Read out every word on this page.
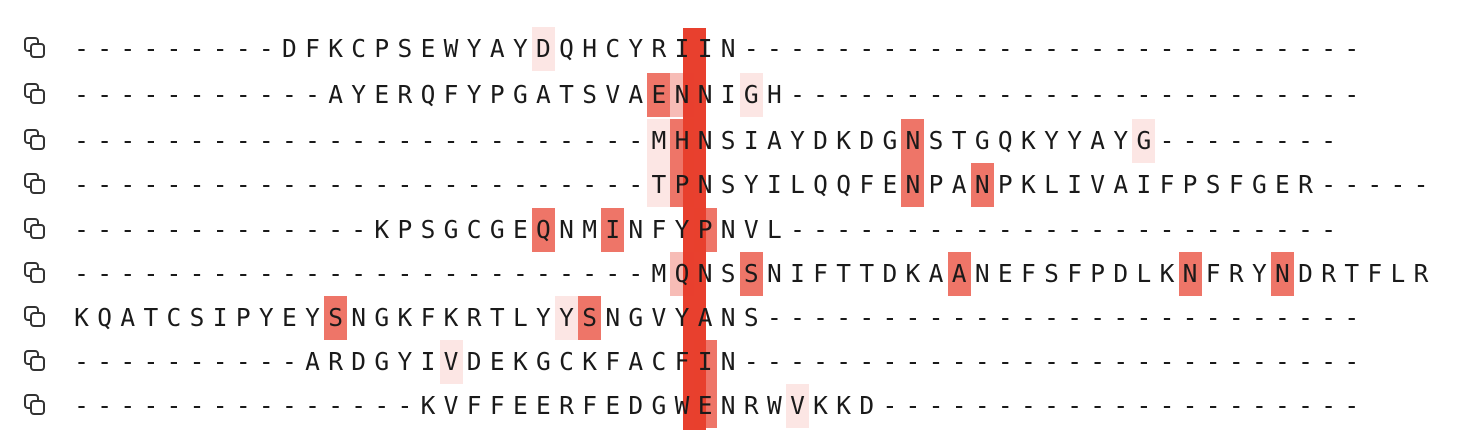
- - - - - - - - - D F K C P S E W Y A Y D Q H C Y R I I N - - - - - - - - - - - - - - - - - - - - - - - - - - -
- - - - - - - - - - - A Y E R Q F Y P G A T S V A E N N I G H - - - - - - - - - - - - - - - - - - - - - - - - -
- - - - - - - - - - - - - - - - - - - - - - - - - M H N S I A Y D K D G N S T G Q K Y Y A Y G - - - - - - - -
- - - - - - - - - - - - - - - - - - - - - - - - - T P N S Y I L Q Q F E N P A N P K L I V A I F P S F G E R - - - - -
- - - - - - - - - - - - - K P S G C G E Q N M I N F Y P N V L - - - - - - - - - - - - - - - - - - - - - - - -
- - - - - - - - - - - - - - - - - - - - - - - - - M Q N S S N I F T T D K A A N E F S F P D L K N F R Y N D R T F L R
K Q A T C S I P Y E Y S N G K F K R T L Y Y S N G V Y A N S - - - - - - - - - - - - - - - - - - - - - - - - - -
- - - - - - - - - - A R D G Y I V D E K G C K F A C F I N - - - - - - - - - - - - - - - - - - - - - - - - - - -
- - - - - - - - - - - - - - - K V F F E E R F E D G W E N R W V K K D - - - - - - - - - - - - - - - - - - - - -
